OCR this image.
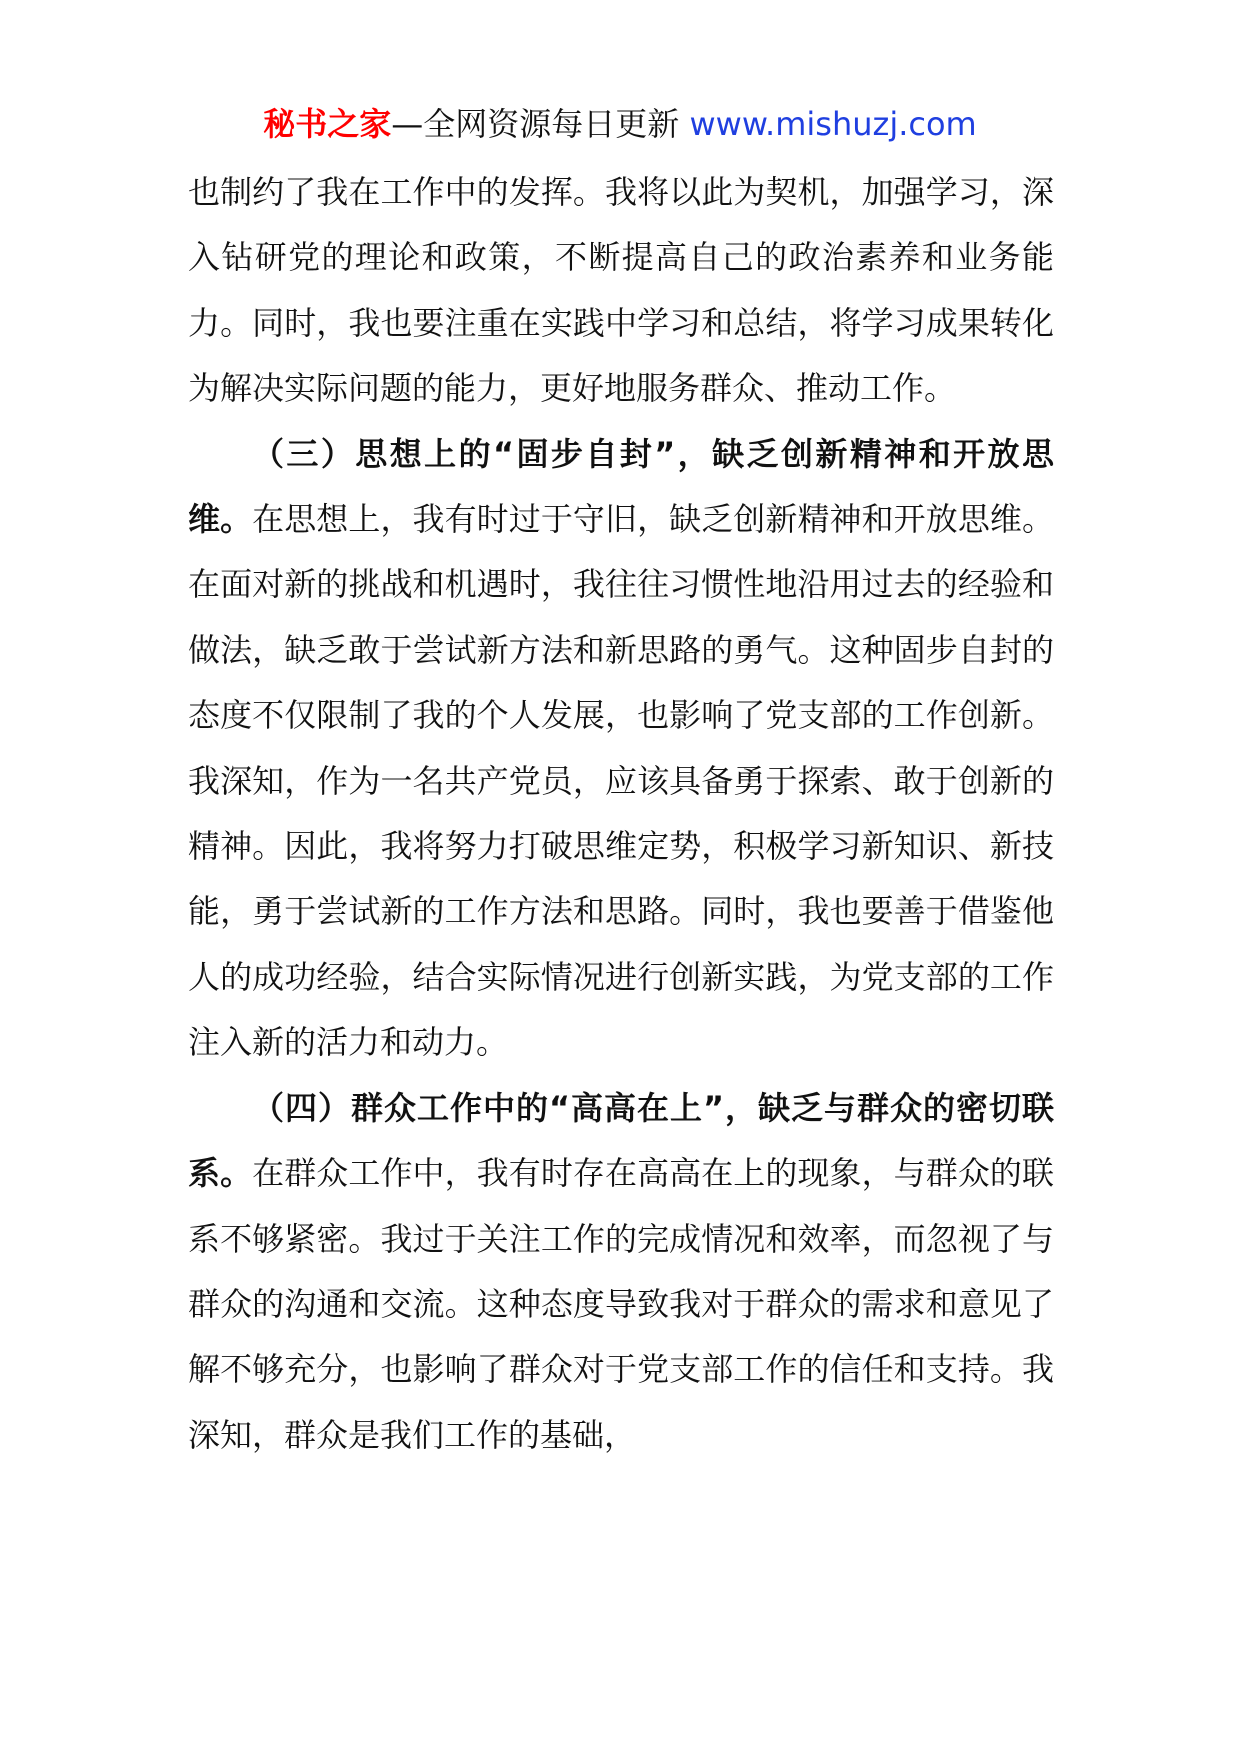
秘书之家—全网资源每日更新 www.mishuzj.com

也制约了我在工作中的发挥。我将以此为契机，加强学习，深入钻研党的理论和政策，不断提高自己的政治素养和业务能力。同时，我也要注重在实践中学习和总结，将学习成果转化为解决实际问题的能力，更好地服务群众、推动工作。

（三）思想上的“固步自封”，缺乏创新精神和开放思维。在思想上，我有时过于守旧，缺乏创新精神和开放思维。在面对新的挑战和机遇时，我往往习惯性地沿用过去的经验和做法，缺乏敢于尝试新方法和新思路的勇气。这种固步自封的态度不仅限制了我的个人发展，也影响了党支部的工作创新。我深知，作为一名共产党员，应该具备勇于探索、敢于创新的精神。因此，我将努力打破思维定势，积极学习新知识、新技能，勇于尝试新的工作方法和思路。同时，我也要善于借鉴他人的成功经验，结合实际情况进行创新实践，为党支部的工作注入新的活力和动力。

（四）群众工作中的“高高在上”，缺乏与群众的密切联系。在群众工作中，我有时存在高高在上的现象，与群众的联系不够紧密。我过于关注工作的完成情况和效率，而忽视了与群众的沟通和交流。这种态度导致我对于群众的需求和意见了解不够充分，也影响了群众对于党支部工作的信任和支持。我深知，群众是我们工作的基础，
